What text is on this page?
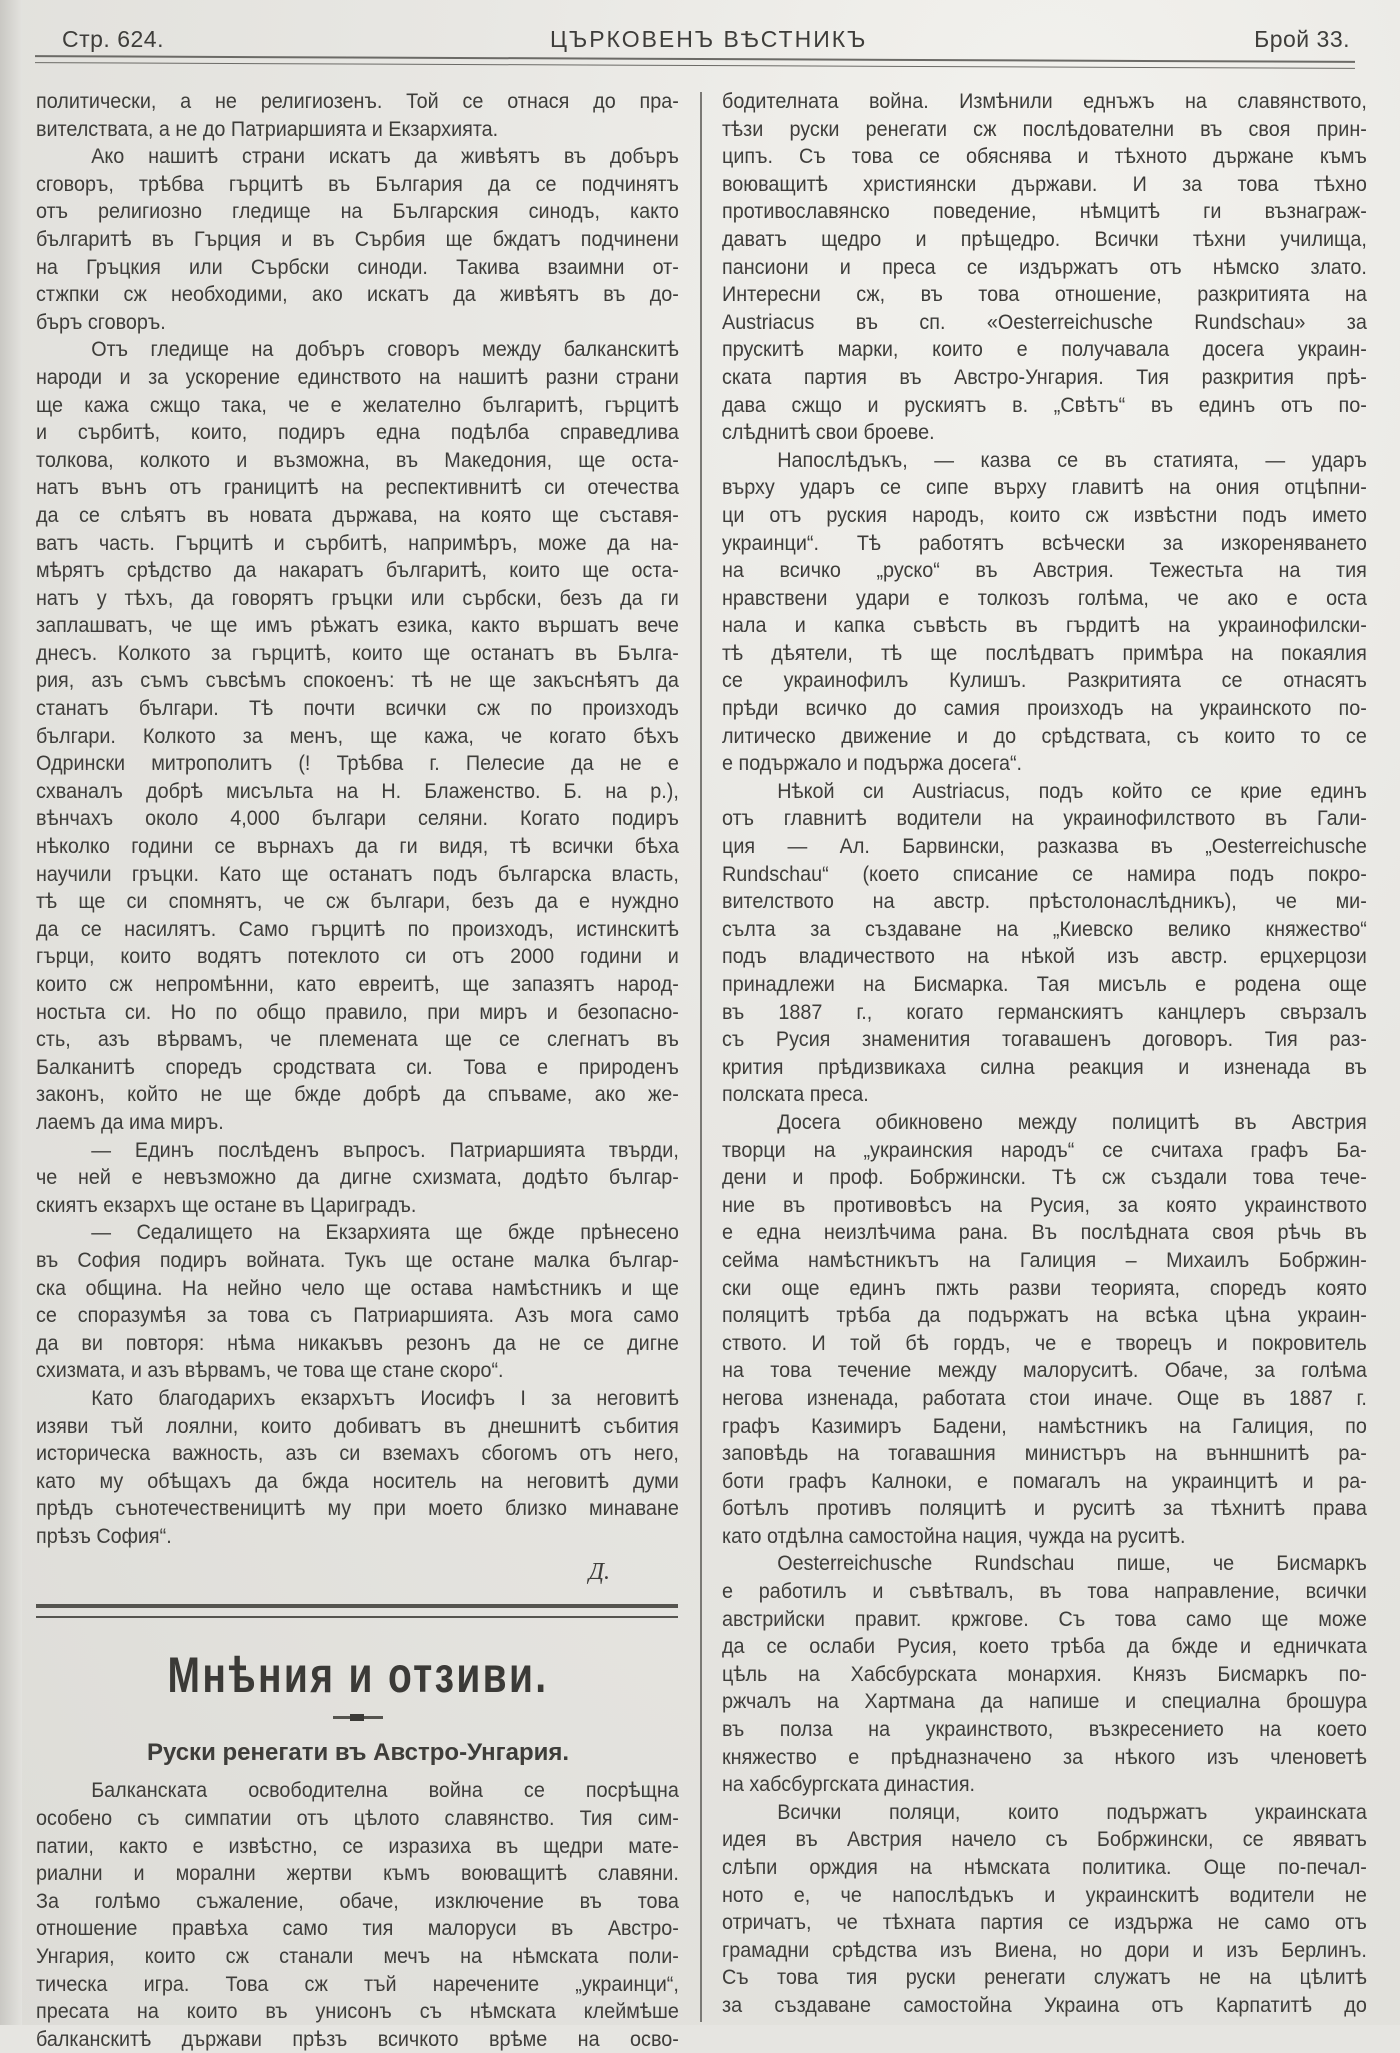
Стр. 624.	ЦЪРКОВЕНЪ ВѢСТНИКЪ	Брой 33.
политически, а не религиозенъ. Той се отнася до пра-
вителствата, а не до Патриаршията и Екзархията.
Ако нашитѣ страни искатъ да живѣятъ въ добъръ
сговоръ, трѣбва гърцитѣ въ България да се подчинятъ
отъ религиозно гледище на Българския синодъ, както
българитѣ въ Гърция и въ Сърбия ще бждатъ подчинени
на Гръцкия или Сърбски синоди. Такива взаимни от-
стжпки сж необходими, ако искатъ да живѣятъ въ до-
бъръ сговоръ.
Отъ гледище на добъръ сговоръ между балканскитѣ
народи и за ускорение единството на нашитѣ разни страни
ще кажа сжщо така, че е желателно българитѣ, гърцитѣ
и сърбитѣ, които, подиръ една подѣлба справедлива
толкова, колкото и възможна, въ Македония, ще оста-
натъ вънъ отъ границитѣ на респективнитѣ си отечества
да се слѣятъ въ новата държава, на която ще съставя-
ватъ часть. Гърцитѣ и сърбитѣ, напримѣръ, може да на-
мѣрятъ срѣдство да накаратъ българитѣ, които ще оста-
натъ у тѣхъ, да говорятъ гръцки или сърбски, безъ да ги
заплашватъ, че ще имъ рѣжатъ езика, както вършатъ вече
днесъ. Колкото за гърцитѣ, които ще останатъ въ Бълга-
рия, азъ съмъ съвсѣмъ спокоенъ: тѣ не ще закъснѣятъ да
станатъ българи. Тѣ почти всички сж по произходъ
българи. Колкото за менъ, ще кажа, че когато бѣхъ
Одрински митрополитъ (! Трѣбва г. Пелесие да не е
схваналъ добрѣ мисъльта на Н. Блаженство. Б. на р.),
вѣнчахъ около 4,000 българи селяни. Когато подиръ
нѣколко години се върнахъ да ги видя, тѣ всички бѣха
научили гръцки. Като ще останатъ подъ българска власть,
тѣ ще си спомнятъ, че сж българи, безъ да е нуждно
да се насилятъ. Само гърцитѣ по произходъ, истинскитѣ
гърци, които водятъ потеклото си отъ 2000 години и
които сж непромѣнни, като евреитѣ, ще запазятъ народ-
ностьта си. Но по общо правило, при миръ и безопасно-
сть, азъ вѣрвамъ, че племената ще се слегнатъ въ
Балканитѣ споредъ сродствата си. Това е природенъ
законъ, който не ще бжде добрѣ да спъваме, ако же-
лаемъ да има миръ.
— Единъ послѣденъ въпросъ. Патриаршията твърди,
че ней е невъзможно да дигне схизмата, додѣто българ-
скиятъ екзархъ ще остане въ Цариградъ.
— Седалището на Екзархията ще бжде прѣнесено
въ София подиръ войната. Тукъ ще остане малка българ-
ска община. На нейно чело ще остава намѣстникъ и ще
се споразумѣя за това съ Патриаршията. Азъ мога само
да ви повторя: нѣма никакъвъ резонъ да не се дигне
схизмата, и азъ вѣрвамъ, че това ще стане скоро“.
Като благодарихъ екзархътъ Иосифъ I за неговитѣ
изяви тъй лоялни, които добиватъ въ днешнитѣ събития
историческа важность, азъ си вземахъ сбогомъ отъ него,
като му обѣщахъ да бжда носитель на неговитѣ думи
прѣдъ сънотечественицитѣ му при моето близко минаване
прѣзъ София“.
Д.
Мнѣния и отзиви.
Руски ренегати въ Австро-Унгария.
Балканската освободителна война се посрѣщна
особено съ симпатии отъ цѣлото славянство. Тия сим-
патии, както е извѣстно, се изразиха въ щедри мате-
риални и морални жертви къмъ воюващитѣ славяни.
За голѣмо съжаление, обаче, изключение въ това
отношение правѣха само тия малоруси въ Австро-
Унгария, които сж станали мечъ на нѣмската поли-
тическа игра. Това сж тъй наречените „украинци“,
пресата на които въ унисонъ съ нѣмската клеймѣше
балканскитѣ държави прѣзъ всичкото врѣме на осво-
бодителната война. Измѣнили еднъжъ на славянството,
тѣзи руски ренегати сж послѣдователни въ своя прин-
ципъ. Съ това се обяснява и тѣхното държане къмъ
воюващитѣ християнски държави. И за това тѣхно
противославянско поведение, нѣмцитѣ ги възнаграж-
даватъ щедро и прѣщедро. Всички тѣхни училища,
пансиони и преса се издържатъ отъ нѣмско злато.
Интересни сж, въ това отношение, разкритията на
Austriacus въ сп. «Oesterreichusche Rundschau» за
прускитѣ марки, които е получавала досега украин-
ската партия въ Австро-Унгария. Тия разкрития прѣ-
дава сжщо и рускиятъ в. „Свѣтъ“ въ единъ отъ по-
слѣднитѣ свои броеве.
Напослѣдъкъ, — казва се въ статията, — ударъ
върху ударъ се сипе върху главитѣ на ония отцѣпни-
ци отъ руския народъ, които сж извѣстни подъ името
украинци“. Тѣ работятъ всѣчески за изкореняването
на всичко „руско“ въ Австрия. Тежестьта на тия
нравствени удари е толкозъ голѣма, че ако е оста
нала и капка съвѣсть въ гърдитѣ на украинофилски-
тѣ дѣятели, тѣ ще послѣдватъ примѣра на покаялия
се украинофилъ Кулишъ. Разкритията се отнасятъ
прѣди всичко до самия произходъ на украинското по-
литическо движение и до срѣдствата, съ които то се
е подържало и подържа досега“.
Нѣкой си Austriacus, подъ който се крие единъ
отъ главнитѣ водители на украинофилството въ Гали-
ция — Ал. Барвински, разказва въ „Oesterreichusche
Rundschau“ (което списание се намира подъ покро-
вителството на австр. прѣстолонаслѣдникъ), че ми-
сълта за създаване на „Киевско велико княжество“
подъ владичеството на нѣкой изъ австр. ерцхерцози
принадлежи на Бисмарка. Тая мисъль е родена още
въ 1887 г., когато германскиятъ канцлеръ свързалъ
съ Русия знаменития тогавашенъ договоръ. Тия раз-
крития прѣдизвикаха силна реакция и изненада въ
полската преса.
Досега обикновено между полицитѣ въ Австрия
творци на „украинския народъ“ се считаха графъ Ба-
дени и проф. Бобржински. Тѣ сж създали това тече-
ние въ противовѣсъ на Русия, за която украинството
е една неизлѣчима рана. Въ послѣдната своя рѣчь въ
сейма намѣстникътъ на Галиция – Михаилъ Бобржин-
ски още единъ пжть разви теорията, споредъ която
поляцитѣ трѣба да подържатъ на всѣка цѣна украин-
ството. И той бѣ гордъ, че е творецъ и покровитель
на това течение между малоруситѣ. Обаче, за голѣма
негова изненада, работата стои иначе. Още въ 1887 г.
графъ Казимиръ Бадени, намѣстникъ на Галиция, по
заповѣдь на тогавашния министъръ на вънншнитѣ ра-
боти графъ Калноки, е помагалъ на украинцитѣ и ра-
ботѣлъ противъ поляцитѣ и руситѣ за тѣхнитѣ права
като отдѣлна самостойна нация, чужда на руситѣ.
Oesterreichusche Rundschau пише, че Бисмаркъ
е работилъ и съвѣтвалъ, въ това направление, всички
австрийски правит. кржгове. Съ това само ще може
да се ослаби Русия, което трѣба да бжде и едничката
цѣль на Хабсбурската монархия. Князъ Бисмаркъ по-
ржчалъ на Хартмана да напише и специална брошура
въ полза на украинството, възкресението на което
княжество е прѣдназначено за нѣкого изъ членоветѣ
на хабсбургската династия.
Всички поляци, които подържатъ украинската
идея въ Австрия начело съ Бобржински, се явяватъ
слѣпи орждия на нѣмската политика. Още по-печал-
ното е, че напослѣдъкъ и украинскитѣ водители не
отричатъ, че тѣхната партия се издържа не само отъ
грамадни срѣдства изъ Виена, но дори и изъ Берлинъ.
Съ това тия руски ренегати служатъ не на цѣлитѣ
за създаване самостойна Украина отъ Карпатитѣ до
